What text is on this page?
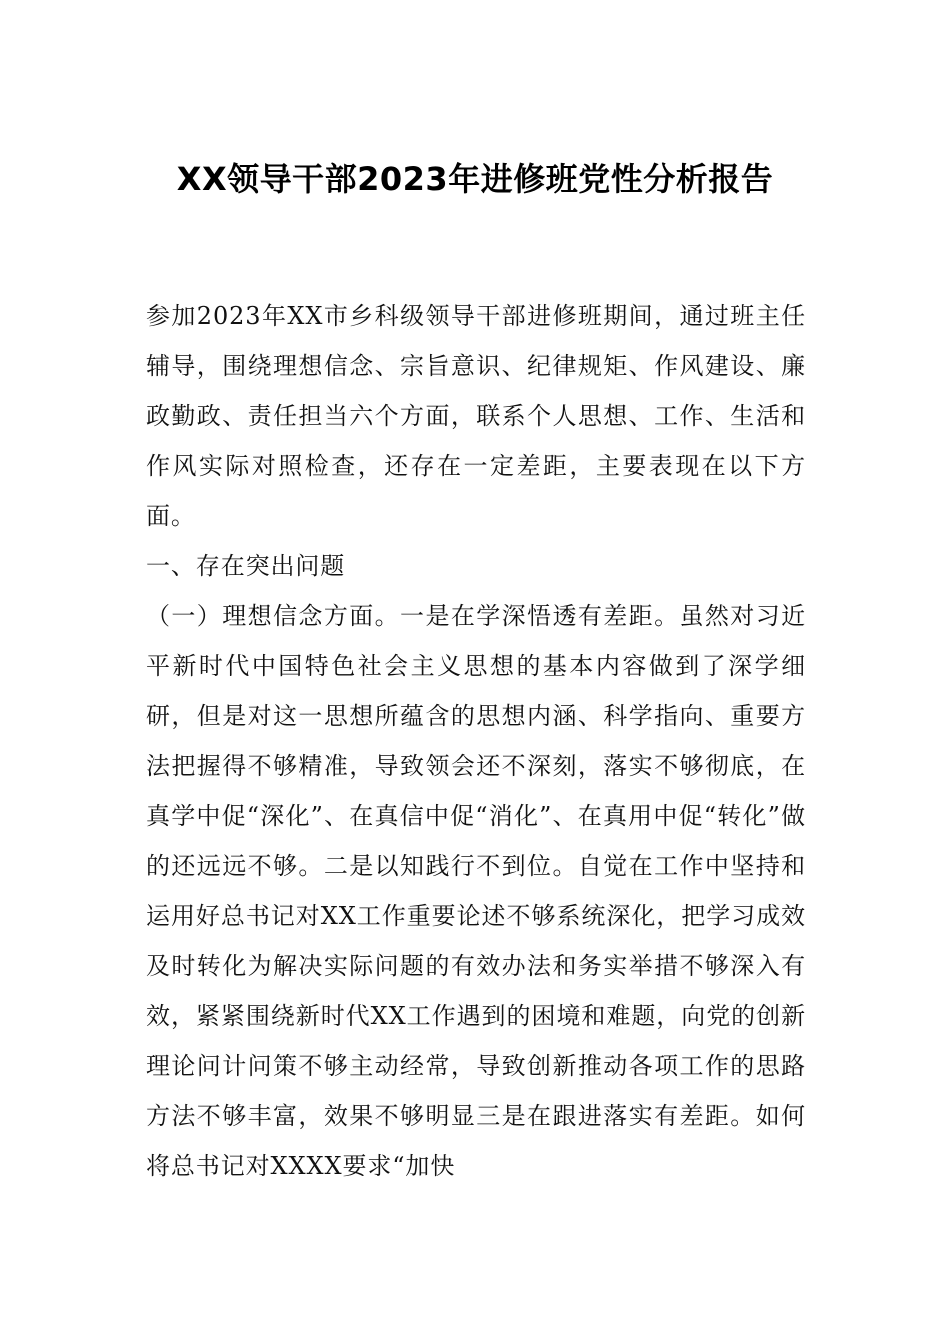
XX领导干部2023年进修班党性分析报告

参加2023年XX市乡科级领导干部进修班期间，通过班主任辅导，围绕理想信念、宗旨意识、纪律规矩、作风建设、廉政勤政、责任担当六个方面，联系个人思想、工作、生活和作风实际对照检查，还存在一定差距，主要表现在以下方面。

一、存在突出问题

（一）理想信念方面。一是在学深悟透有差距。虽然对习近平新时代中国特色社会主义思想的基本内容做到了深学细研，但是对这一思想所蕴含的思想内涵、科学指向、重要方法把握得不够精准，导致领会还不深刻，落实不够彻底，在真学中促“深化”、在真信中促“消化”、在真用中促“转化”做的还远远不够。二是以知践行不到位。自觉在工作中坚持和运用好总书记对XX工作重要论述不够系统深化，把学习成效及时转化为解决实际问题的有效办法和务实举措不够深入有效，紧紧围绕新时代XX工作遇到的困境和难题，向党的创新理论问计问策不够主动经常，导致创新推动各项工作的思路方法不够丰富，效果不够明显三是在跟进落实有差距。如何将总书记对XXXX要求“加快
